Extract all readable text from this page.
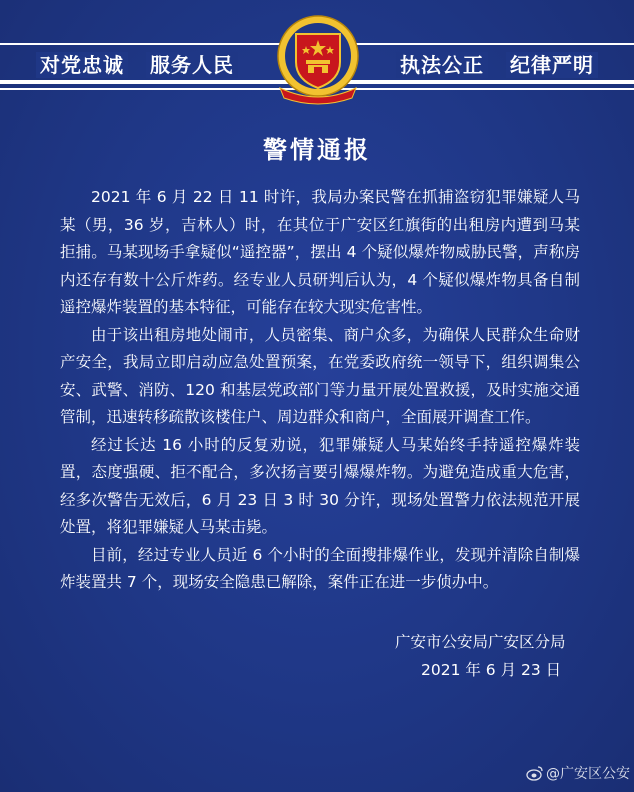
对党忠诚 服务人民	执法公正 纪律严明
警情通报

2021 年 6 月 22 日 11 时许，我局办案民警在抓捕盗窃犯罪嫌疑人马某（男，36 岁，吉林人）时，在其位于广安区红旗街的出租房内遭到马某拒捕。马某现场手拿疑似“遥控器”，摆出 4 个疑似爆炸物威胁民警，声称房内还存有数十公斤炸药。经专业人员研判后认为，4 个疑似爆炸物具备自制遥控爆炸装置的基本特征，可能存在较大现实危害性。

由于该出租房地处闹市，人员密集、商户众多，为确保人民群众生命财产安全，我局立即启动应急处置预案，在党委政府统一领导下，组织调集公安、武警、消防、120 和基层党政部门等力量开展处置救援，及时实施交通管制，迅速转移疏散该楼住户、周边群众和商户，全面展开调查工作。

经过长达 16 小时的反复劝说，犯罪嫌疑人马某始终手持遥控爆炸装置，态度强硬、拒不配合，多次扬言要引爆爆炸物。为避免造成重大危害，经多次警告无效后，6 月 23 日 3 时 30 分许，现场处置警力依法规范开展处置，将犯罪嫌疑人马某击毙。

目前，经过专业人员近 6 个小时的全面搜排爆作业，发现并清除自制爆炸装置共 7 个，现场安全隐患已解除，案件正在进一步侦办中。

广安市公安局广安区分局
2021 年 6 月 23 日
@广安区公安
